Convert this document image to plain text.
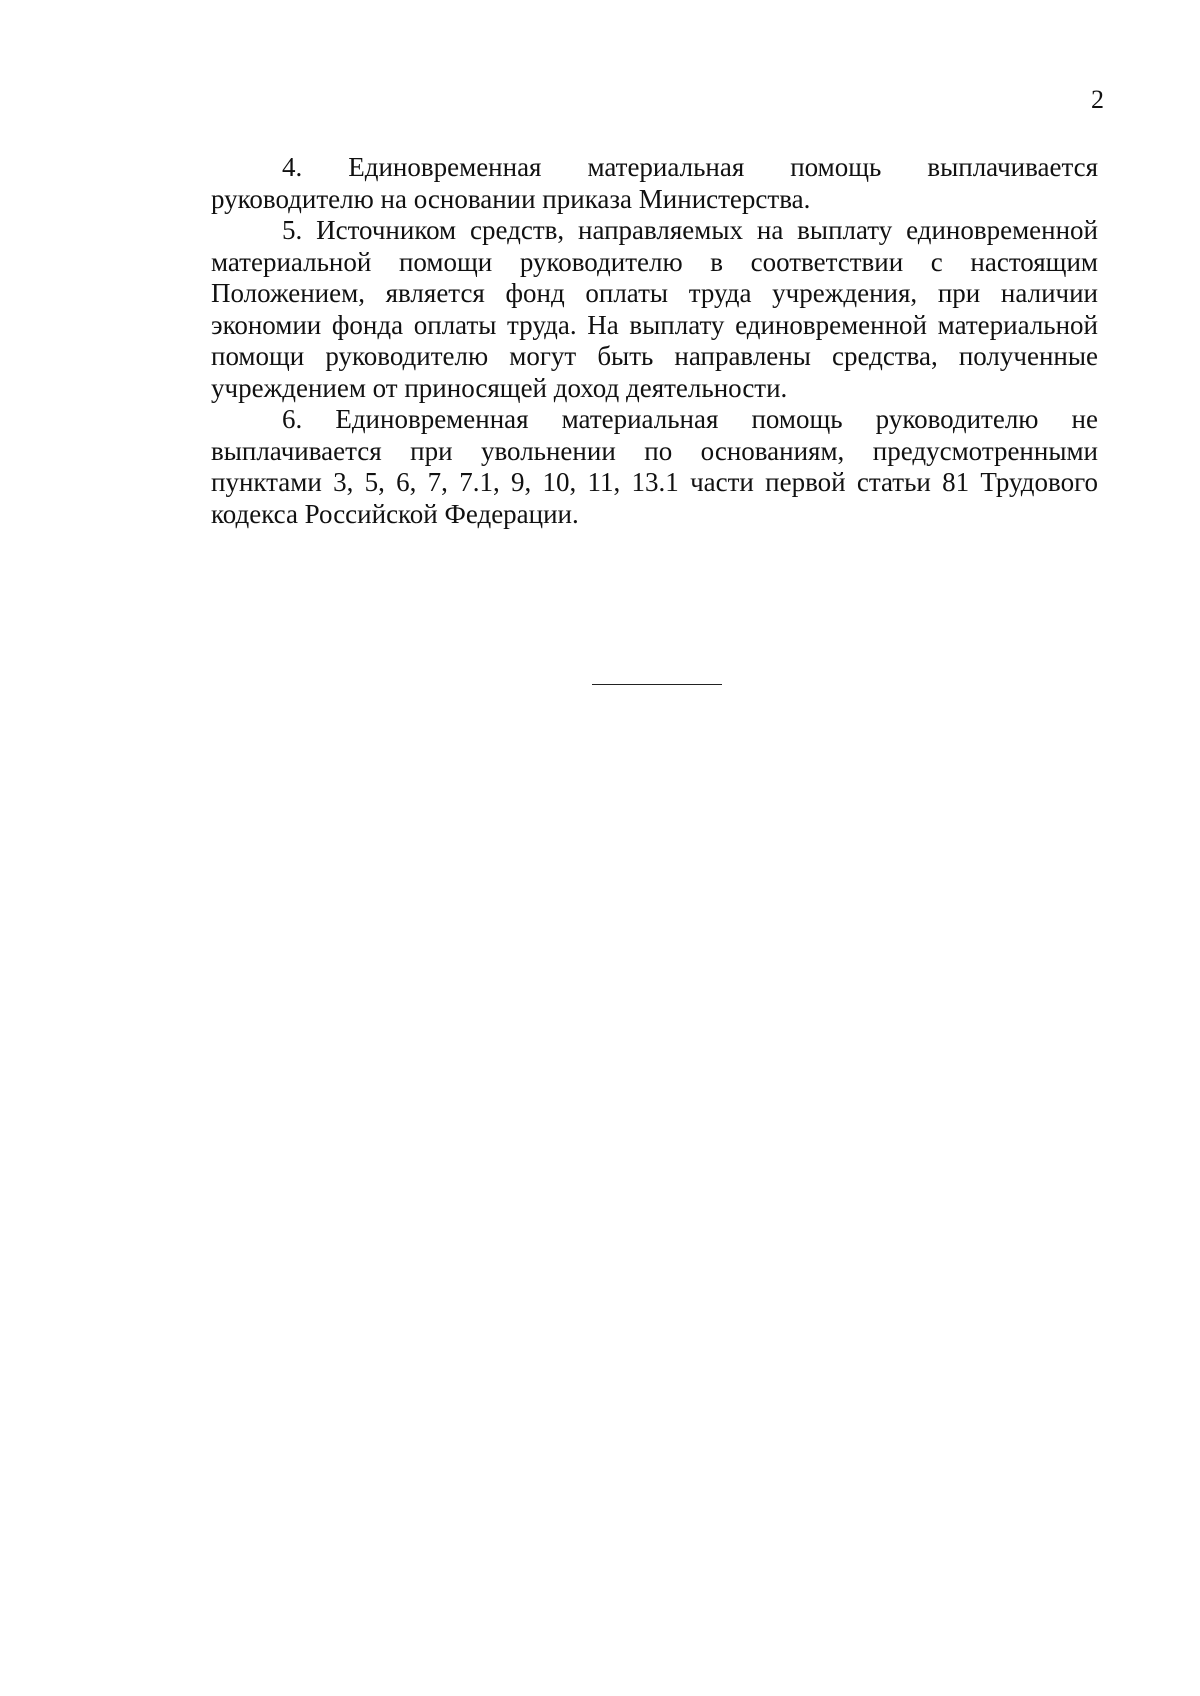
2

4. Единовременная материальная помощь выплачивается руководителю на основании приказа Министерства.

5. Источником средств, направляемых на выплату единовременной материальной помощи руководителю в соответствии с настоящим Положением, является фонд оплаты труда учреждения, при наличии экономии фонда оплаты труда. На выплату единовременной материальной помощи руководителю могут быть направлены средства, полученные учреждением от приносящей доход деятельности.

6. Единовременная материальная помощь руководителю не выплачивается при увольнении по основаниям, предусмотренными пунктами 3, 5, 6, 7, 7.1, 9, 10, 11, 13.1 части первой статьи 81 Трудового кодекса Российской Федерации.
